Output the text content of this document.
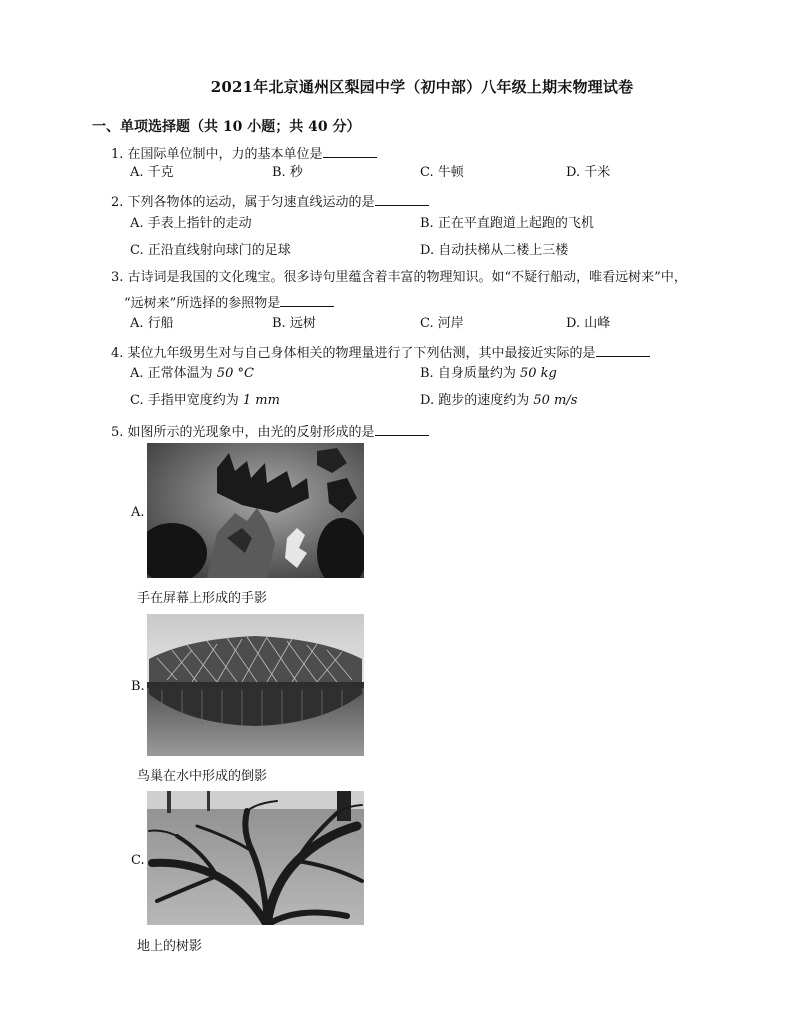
2021年北京通州区梨园中学（初中部）八年级上期末物理试卷
一、单项选择题（共 10 小题；共 40 分）
1. 在国际单位制中，力的基本单位是
A. 千克	B. 秒	C. 牛顿	D. 千米
2. 下列各物体的运动，属于匀速直线运动的是
A. 手表上指针的走动	B. 正在平直跑道上起跑的飞机
C. 正沿直线射向球门的足球	D. 自动扶梯从二楼上三楼
3. 古诗词是我国的文化瑰宝。很多诗句里蕴含着丰富的物理知识。如“不疑行船动，唯看远树来”中，
“远树来”所选择的参照物是
A. 行船	B. 远树	C. 河岸	D. 山峰
4. 某位九年级男生对与自己身体相关的物理量进行了下列估测，其中最接近实际的是
A. 正常体温为 50 °C	B. 自身质量约为 50 kg
C. 手指甲宽度约为 1 mm	D. 跑步的速度约为 50 m/s
5. 如图所示的光现象中，由光的反射形成的是
A.
手在屏幕上形成的手影
B.
鸟巢在水中形成的倒影
C.
地上的树影
